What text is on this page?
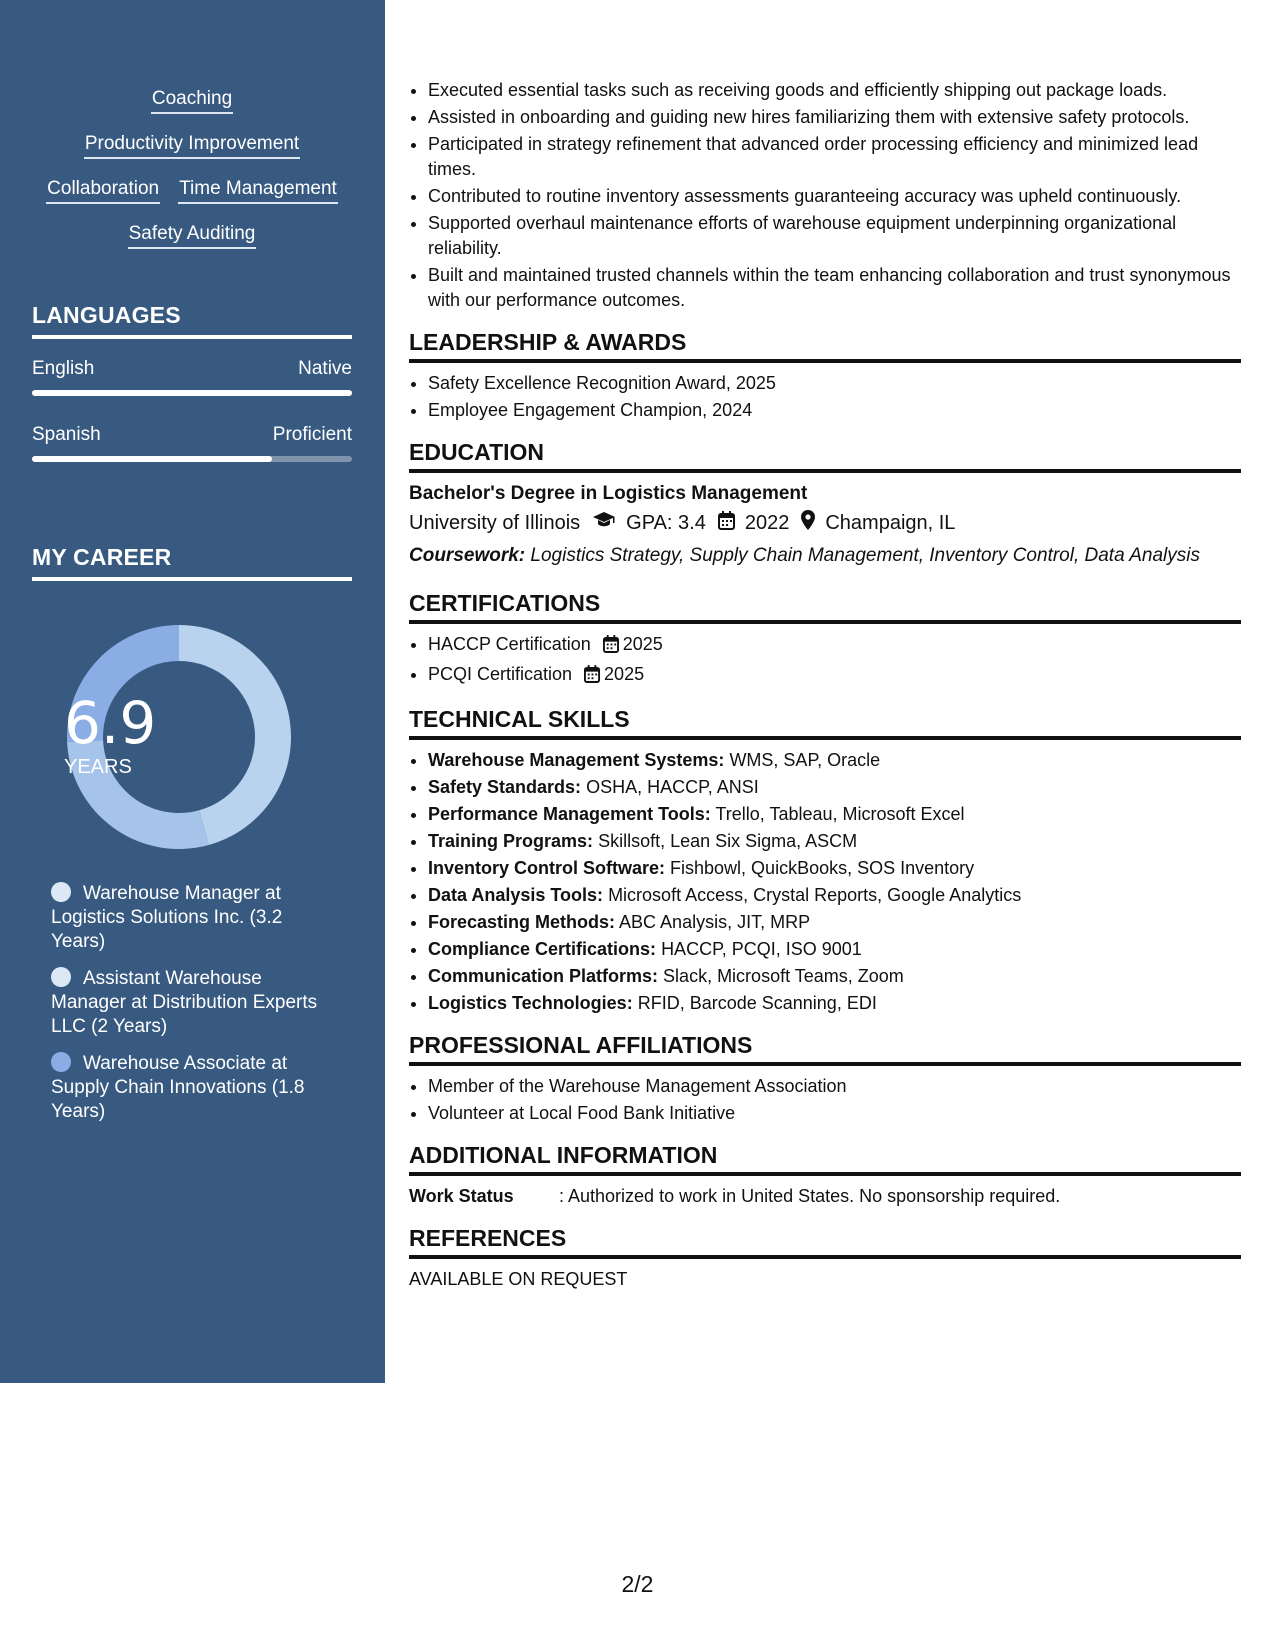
Coaching
Productivity Improvement
Collaboration Time Management
Safety Auditing
LANGUAGES
English	Native
Spanish	Proficient
MY CAREER
6.9
YEARS
Warehouse Manager at Logistics Solutions Inc. (3.2 Years)
Assistant Warehouse Manager at Distribution Experts LLC (2 Years)
Warehouse Associate at Supply Chain Innovations (1.8 Years)
• Executed essential tasks such as receiving goods and efficiently shipping out package loads.
• Assisted in onboarding and guiding new hires familiarizing them with extensive safety protocols.
• Participated in strategy refinement that advanced order processing efficiency and minimized lead times.
• Contributed to routine inventory assessments guaranteeing accuracy was upheld continuously.
• Supported overhaul maintenance efforts of warehouse equipment underpinning organizational reliability.
• Built and maintained trusted channels within the team enhancing collaboration and trust synonymous with our performance outcomes.
LEADERSHIP & AWARDS
• Safety Excellence Recognition Award, 2025
• Employee Engagement Champion, 2024
EDUCATION
Bachelor's Degree in Logistics Management
University of Illinois GPA: 3.4 2022 Champaign, IL
Coursework: Logistics Strategy, Supply Chain Management, Inventory Control, Data Analysis
CERTIFICATIONS
• HACCP Certification 2025
• PCQI Certification 2025
TECHNICAL SKILLS
• Warehouse Management Systems: WMS, SAP, Oracle
• Safety Standards: OSHA, HACCP, ANSI
• Performance Management Tools: Trello, Tableau, Microsoft Excel
• Training Programs: Skillsoft, Lean Six Sigma, ASCM
• Inventory Control Software: Fishbowl, QuickBooks, SOS Inventory
• Data Analysis Tools: Microsoft Access, Crystal Reports, Google Analytics
• Forecasting Methods: ABC Analysis, JIT, MRP
• Compliance Certifications: HACCP, PCQI, ISO 9001
• Communication Platforms: Slack, Microsoft Teams, Zoom
• Logistics Technologies: RFID, Barcode Scanning, EDI
PROFESSIONAL AFFILIATIONS
• Member of the Warehouse Management Association
• Volunteer at Local Food Bank Initiative
ADDITIONAL INFORMATION
Work Status	: Authorized to work in United States. No sponsorship required.
REFERENCES
AVAILABLE ON REQUEST
2/2
